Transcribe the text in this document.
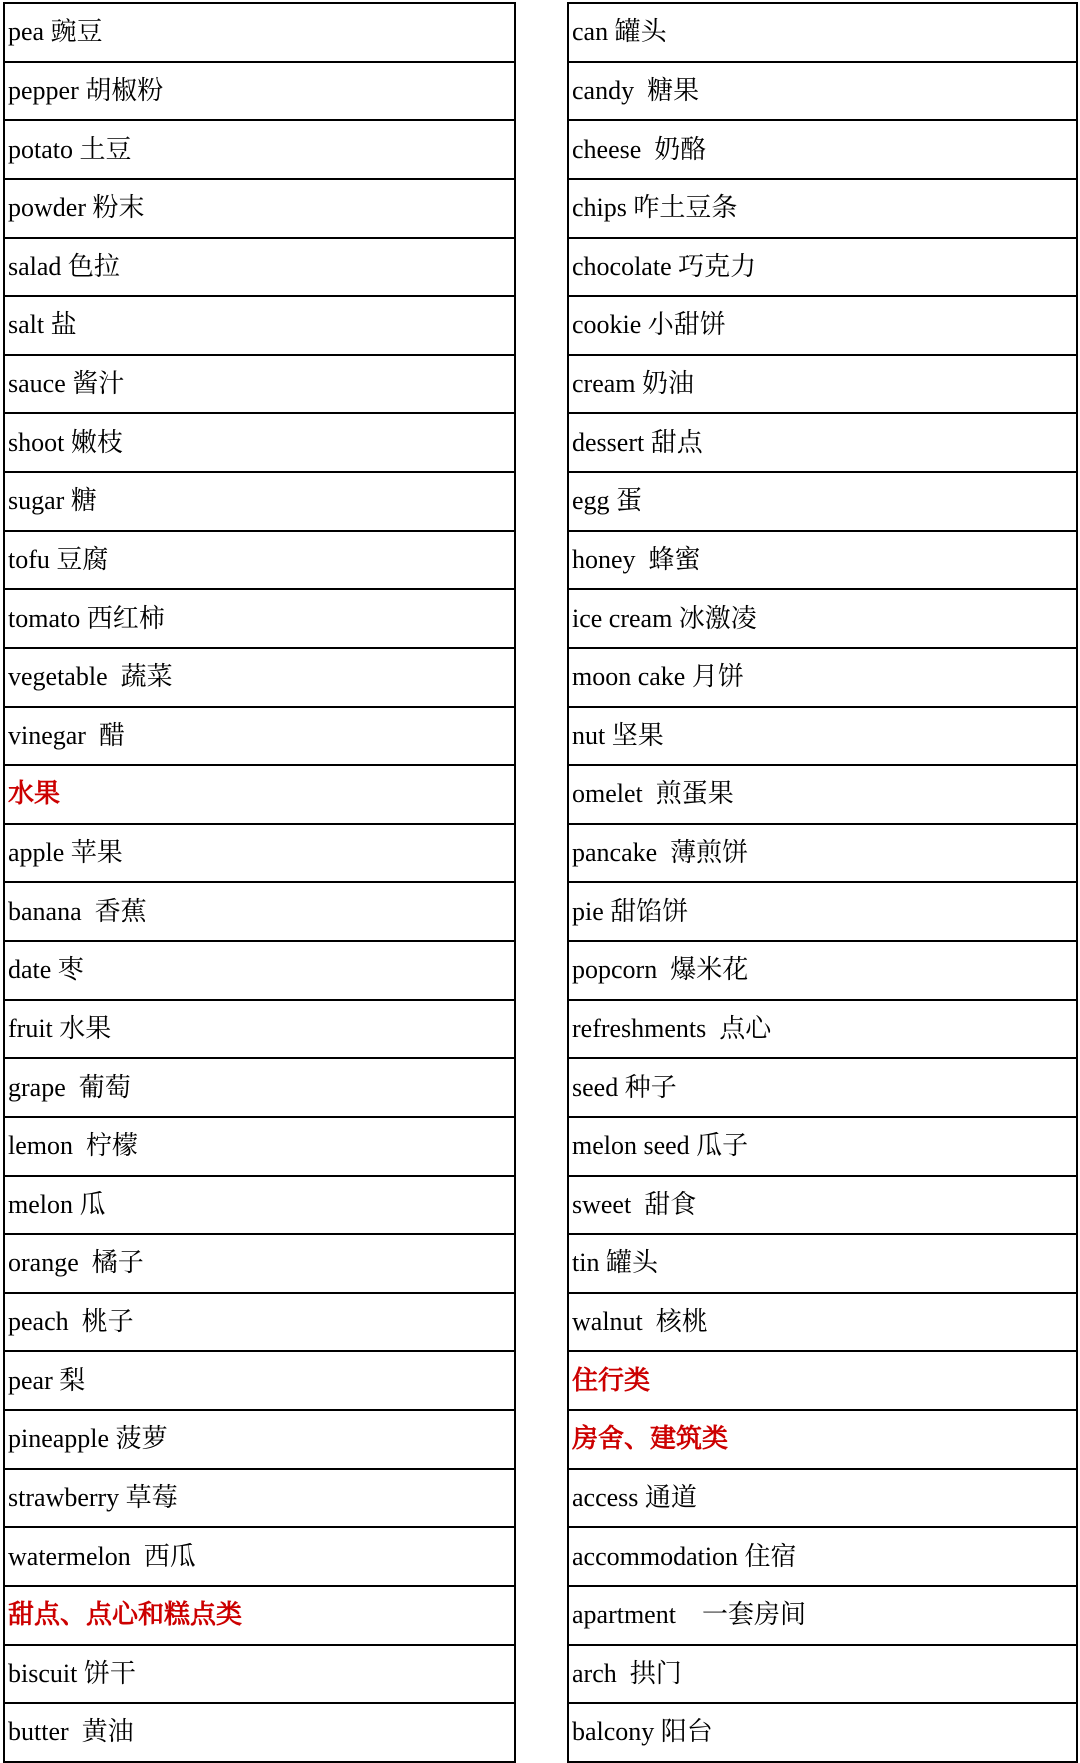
pea 豌豆
pepper 胡椒粉
potato 土豆
powder 粉末
salad 色拉
salt 盐
sauce 酱汁
shoot 嫩枝
sugar 糖
tofu 豆腐
tomato 西红柿
vegetable  蔬菜
vinegar  醋
水果
apple 苹果
banana  香蕉
date 枣
fruit 水果
grape  葡萄
lemon  柠檬
melon 瓜
orange  橘子
peach  桃子
pear 梨
pineapple 菠萝
strawberry 草莓
watermelon  西瓜
甜点、点心和糕点类
biscuit 饼干
butter  黄油
can 罐头
candy  糖果
cheese  奶酪
chips 咋土豆条
chocolate 巧克力
cookie 小甜饼
cream 奶油
dessert 甜点
egg 蛋
honey  蜂蜜
ice cream 冰激凌
moon cake 月饼
nut 坚果
omelet  煎蛋果
pancake  薄煎饼
pie 甜馅饼
popcorn  爆米花
refreshments  点心
seed 种子
melon seed 瓜子
sweet  甜食
tin 罐头
walnut  核桃
住行类
房舍、建筑类
access 通道
accommodation 住宿
apartment    一套房间
arch  拱门
balcony 阳台
